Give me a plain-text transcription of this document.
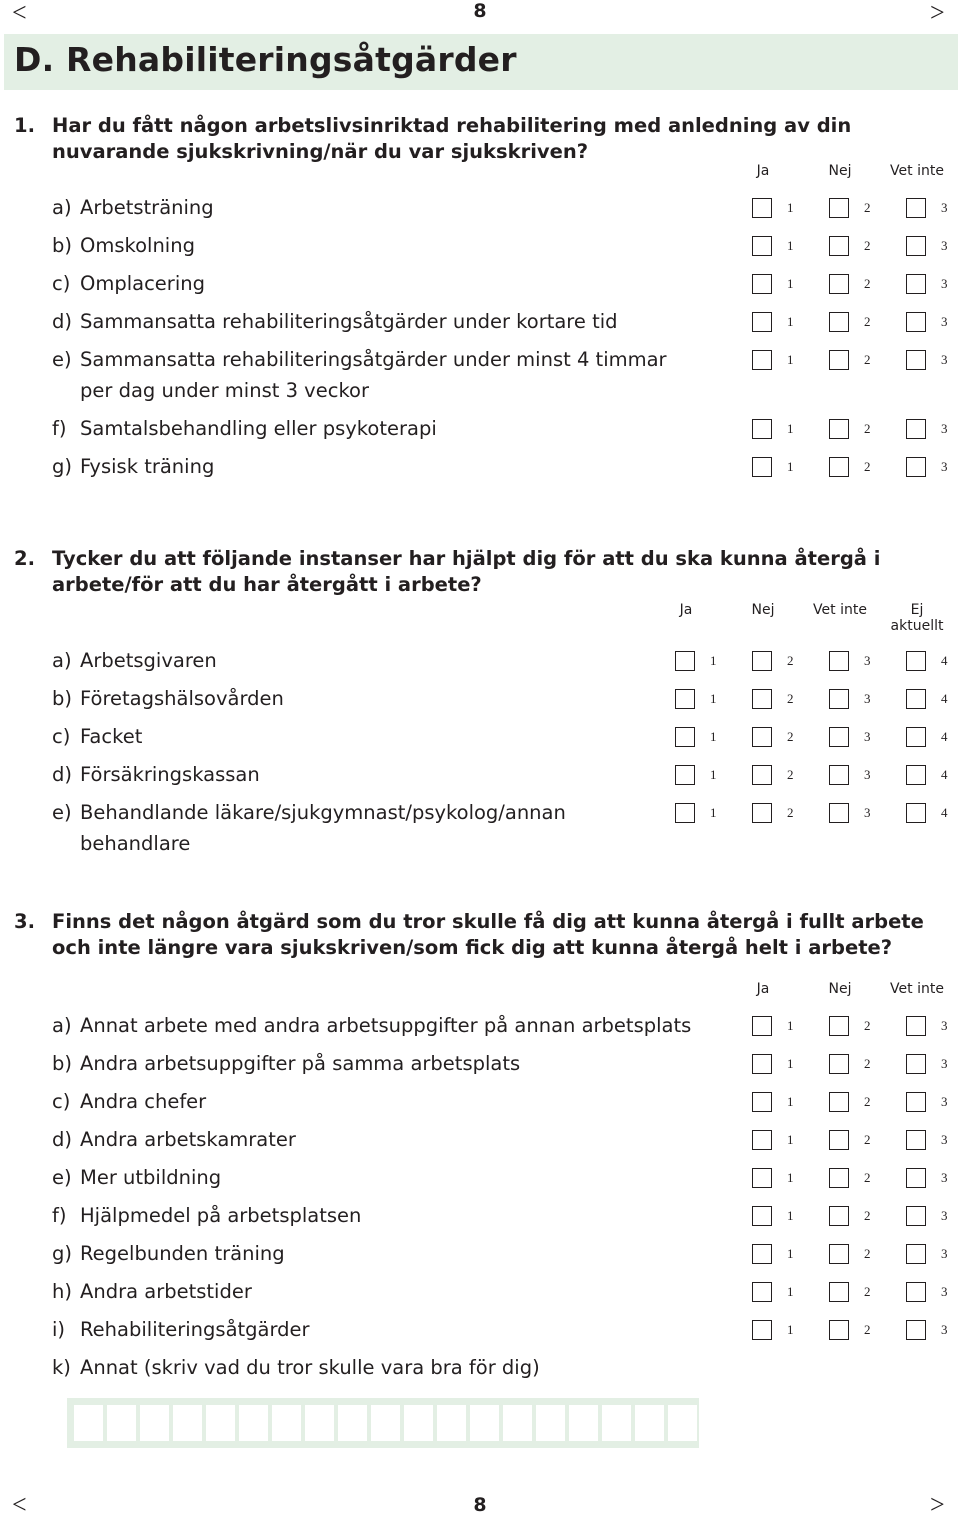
<	8	>
D. Rehabiliteringsåtgärder
1. Har du fått någon arbetslivsinriktad rehabilitering med anledning av din nuvarande sjukskrivning/när du var sjukskriven?
Ja	Nej	Vet inte
a) Arbetsträning	1	2	3
b) Omskolning	1	2	3
c) Omplacering	1	2	3
d) Sammansatta rehabiliteringsåtgärder under kortare tid	1	2	3
e) Sammansatta rehabiliteringsåtgärder under minst 4 timmar per dag under minst 3 veckor
1	2	3
f) Samtalsbehandling eller psykoterapi	1	2	3
g) Fysisk träning	1	2	3
2. Tycker du att följande instanser har hjälpt dig för att du ska kunna återgå i arbete/för att du har återgått i arbete?
Ja	Nej	Vet inte	Ej aktuellt
a) Arbetsgivaren	1	2	3	4
b) Företagshälsovården	1	2	3	4
c) Facket	1	2	3	4
d) Försäkringskassan	1	2	3	4
e) Behandlande läkare/sjukgymnast/psykolog/annan behandlare
1	2	3	4
3. Finns det någon åtgärd som du tror skulle få dig att kunna återgå i fullt arbete och inte längre vara sjukskriven/som fick dig att kunna återgå helt i arbete?
Ja	Nej	Vet inte
a) Annat arbete med andra arbetsuppgifter på annan arbetsplats	1	2	3
b) Andra arbetsuppgifter på samma arbetsplats	1	2	3
c) Andra chefer	1	2	3
d) Andra arbetskamrater	1	2	3
e) Mer utbildning	1	2	3
f) Hjälpmedel på arbetsplatsen	1	2	3
g) Regelbunden träning	1	2	3
h) Andra arbetstider	1	2	3
i) Rehabiliteringsåtgärder	1	2	3
k) Annat (skriv vad du tror skulle vara bra för dig)
<	8	>
